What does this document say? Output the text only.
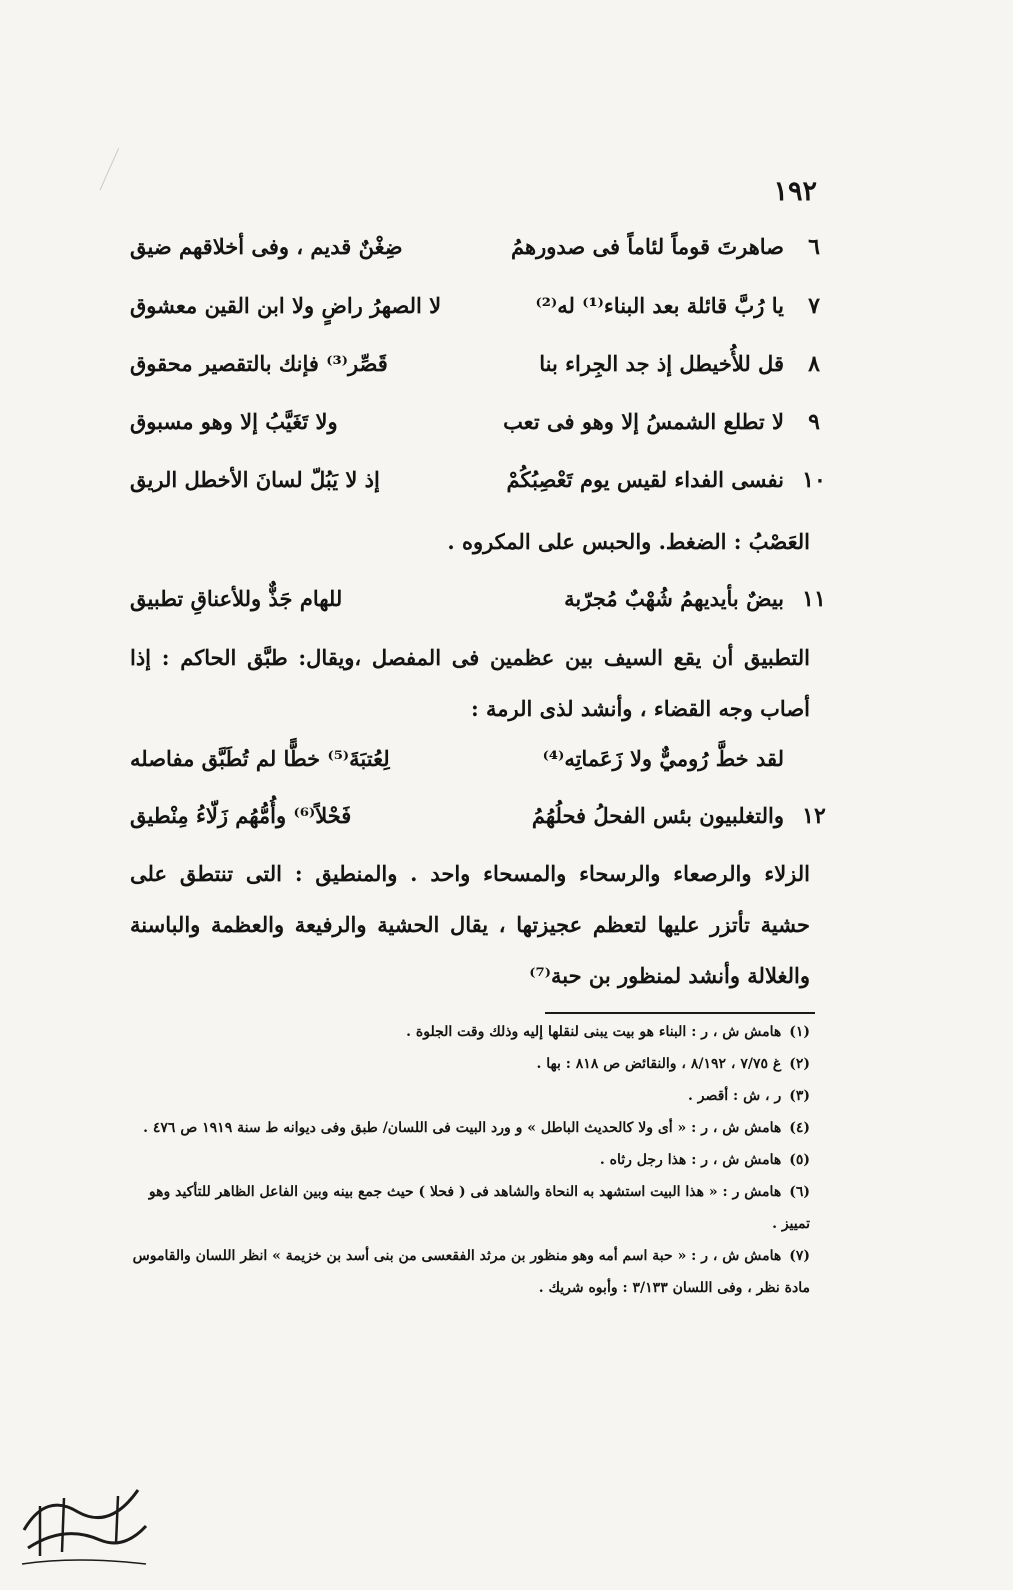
١٩٢
٦
صاهرتَ قوماً لئاماً فى صدورهمُ
ضِغْنٌ قديم ، وفى أخلاقهم ضيق
٧
يا رُبَّ قائلة بعد البناء⁽¹⁾ له⁽²⁾
لا الصهرُ راضٍ ولا ابن القين معشوق
٨
قل للأُخيطل إذ جد الجِراء بنا
قَصِّر⁽³⁾ فإنك بالتقصير محقوق
٩
لا تطلع الشمسُ إلا وهو فى تعب
ولا تَغَيَّبُ إلا وهو مسبوق
١٠
نفسى الفداء لقيس يوم تَعْصِبُكُمْ
إذ لا يَبُلّ لسانَ الأخطل الريق
العَصْبُ : الضغط. والحبس على المكروه .
١١
بيضٌ بأيديهمُ شُهْبٌ مُجرّبة
للهام جَذٌّ وللأعناقِ تطبيق
التطبيق أن يقع السيف بين عظمين فى المفصل ،ويقال: طبَّق الحاكم : إذا أصاب وجه القضاء ، وأنشد لذى الرمة :
لقد خطَّ رُوميٌّ ولا زَعَماتِه⁽⁴⁾
لِعُتبَةَ⁽⁵⁾ خطًّا لم تُطَبَّق مفاصله
١٢
والتغلبيون بئس الفحلُ فحلُهُمُ
فَحْلاً⁽⁶⁾ وأُمُّهُم زَلّاءُ مِنْطيق
الزلاء والرصعاء والرسحاء والمسحاء واحد . والمنطيق : التى تنتطق على حشية تأتزر عليها لتعظم عجيزتها ، يقال الحشية والرفيعة والعظمة والباسنة والغلالة وأنشد لمنظور بن حبة⁽⁷⁾

(١)هامش ش ، ر : البناء هو بيت يبنى لنقلها إليه وذلك وقت الجلوة .

(٢)غ ٧/٧٥ ، ٨/١٩٢ ، والنقائض ص ٨١٨ : بها .

(٣)ر ، ش : أقصر .

(٤)هامش ش ، ر : « أى ولا كالحديث الباطل » و ورد البيت فى اللسان/ طبق وفى ديوانه ط سنة ١٩١٩ ص ٤٧٦ .

(٥)هامش ش ، ر : هذا رجل رثاه .

(٦)هامش ر : « هذا البيت استشهد به النحاة والشاهد فى ( فحلا ) حيث جمع بينه وبين الفاعل الظاهر للتأكيد وهو تمييز .

(٧)هامش ش ، ر : « حبة اسم أمه وهو منظور بن مرثد الفقعسى من بنى أسد بن خزيمة » انظر اللسان والقاموس مادة نظر ، وفى اللسان ٣/١٣٣ : وأبوه شريك .
